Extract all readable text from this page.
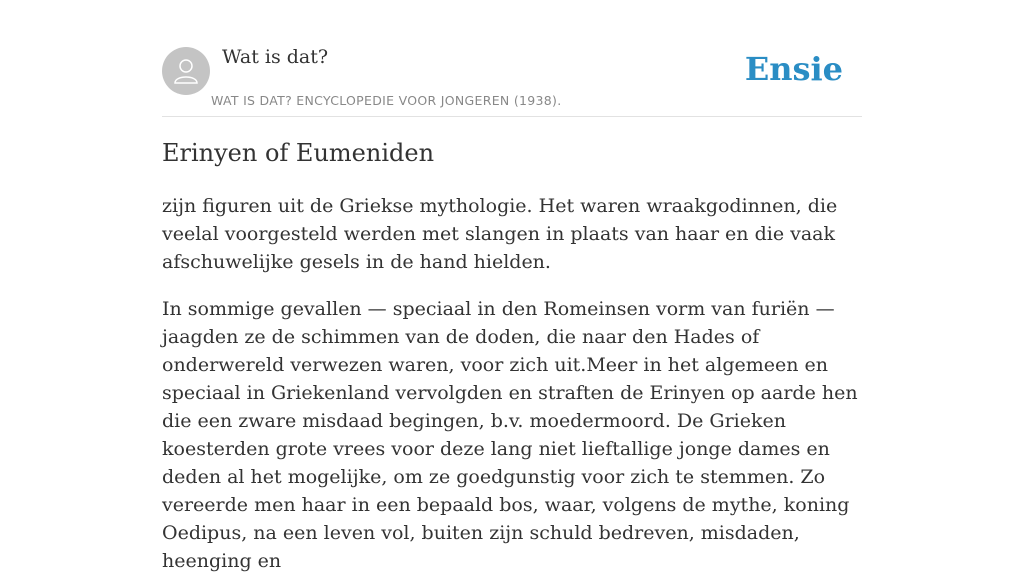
Wat is dat?
WAT IS DAT? ENCYCLOPEDIE VOOR JONGEREN (1938).
Ensie
Erinyen of Eumeniden

zijn figuren uit de Griekse mythologie. Het waren wraakgodinnen, die veelal voorgesteld werden met slangen in plaats van haar en die vaak afschuwelijke gesels in de hand hielden.

In sommige gevallen — speciaal in den Romeinsen vorm van furiën — jaagden ze de schimmen van de doden, die naar den Hades of onderwereld verwezen waren, voor zich uit.Meer in het algemeen en speciaal in Griekenland vervolgden en straften de Erinyen op aarde hen die een zware misdaad begingen, b.v. moedermoord. De Grieken koesterden grote vrees voor deze lang niet lieftallige jonge dames en deden al het mogelijke, om ze goedgunstig voor zich te stemmen. Zo vereerde men haar in een bepaald bos, waar, volgens de mythe, koning Oedipus, na een leven vol, buiten zijn schuld bedreven, misdaden, heenging en
